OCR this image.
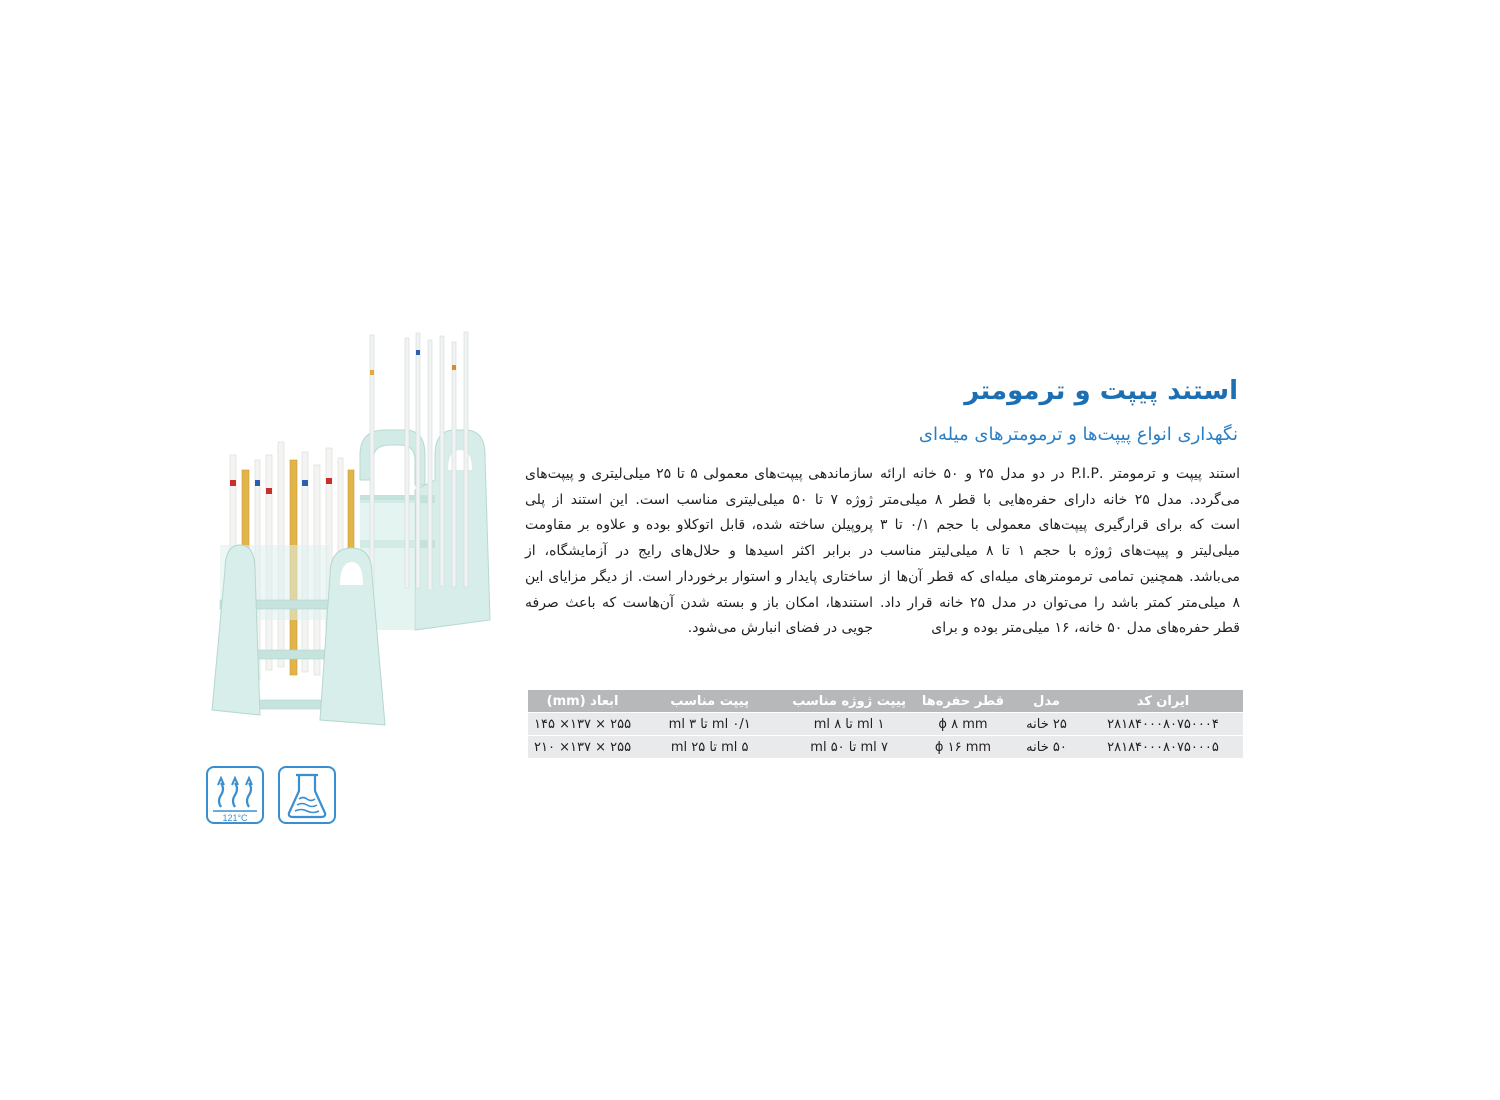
121°C
استند پیپت و ترمومتر
نگهداری انواع پیپت‌ها و ترمومترهای میله‌ای
استند پیپت و ترمومتر .P.I.P در دو مدل ۲۵ و ۵۰ خانه ارائه می‌گردد. مدل ۲۵ خانه دارای حفره‌هایی با قطر ۸ میلی‌متر است که برای قرارگیری پیپت‌های معمولی با حجم ۰/۱ تا ۳ میلی‌لیتر و پیپت‌های ژوژه با حجم ۱ تا ۸ میلی‌لیتر مناسب می‌باشد. همچنین تمامی ترمومترهای میله‌ای که قطر آن‌ها از ۸ میلی‌متر کمتر باشد را می‌توان در مدل ۲۵ خانه قرار داد. قطر حفره‌های مدل ۵۰ خانه، ۱۶ میلی‌متر بوده و برای
سازماندهی پیپت‌های معمولی ۵ تا ۲۵ میلی‌لیتری و پیپت‌های ژوژه ۷ تا ۵۰ میلی‌لیتری مناسب است. این استند از پلی پروپیلن ساخته شده، قابل اتوکلاو بوده و علاوه بر مقاومت در برابر اکثر اسیدها و حلال‌های رایج در آزمایشگاه، از ساختاری پایدار و استوار برخوردار است. از دیگر مزایای این استندها، امکان باز و بسته شدن آن‌هاست که باعث صرفه جویی در فضای انبارش می‌شود.
ایران کد	مدل	قطر حفره‌ها	پیپت ژوژه مناسب	پیپت مناسب	ابعاد (mm)
۲۸۱۸۴۰۰۰۸۰۷۵۰۰۰۴	۲۵ خانه	ϕ ۸ mm	۱ ml تا ۸ ml	۰/۱ ml تا ۳ ml	۲۵۵ × ۱۳۷× ۱۴۵
۲۸۱۸۴۰۰۰۸۰۷۵۰۰۰۵	۵۰ خانه	ϕ ۱۶ mm	۷ ml تا ۵۰ ml	۵ ml تا ۲۵ ml	۲۵۵ × ۱۳۷× ۲۱۰
